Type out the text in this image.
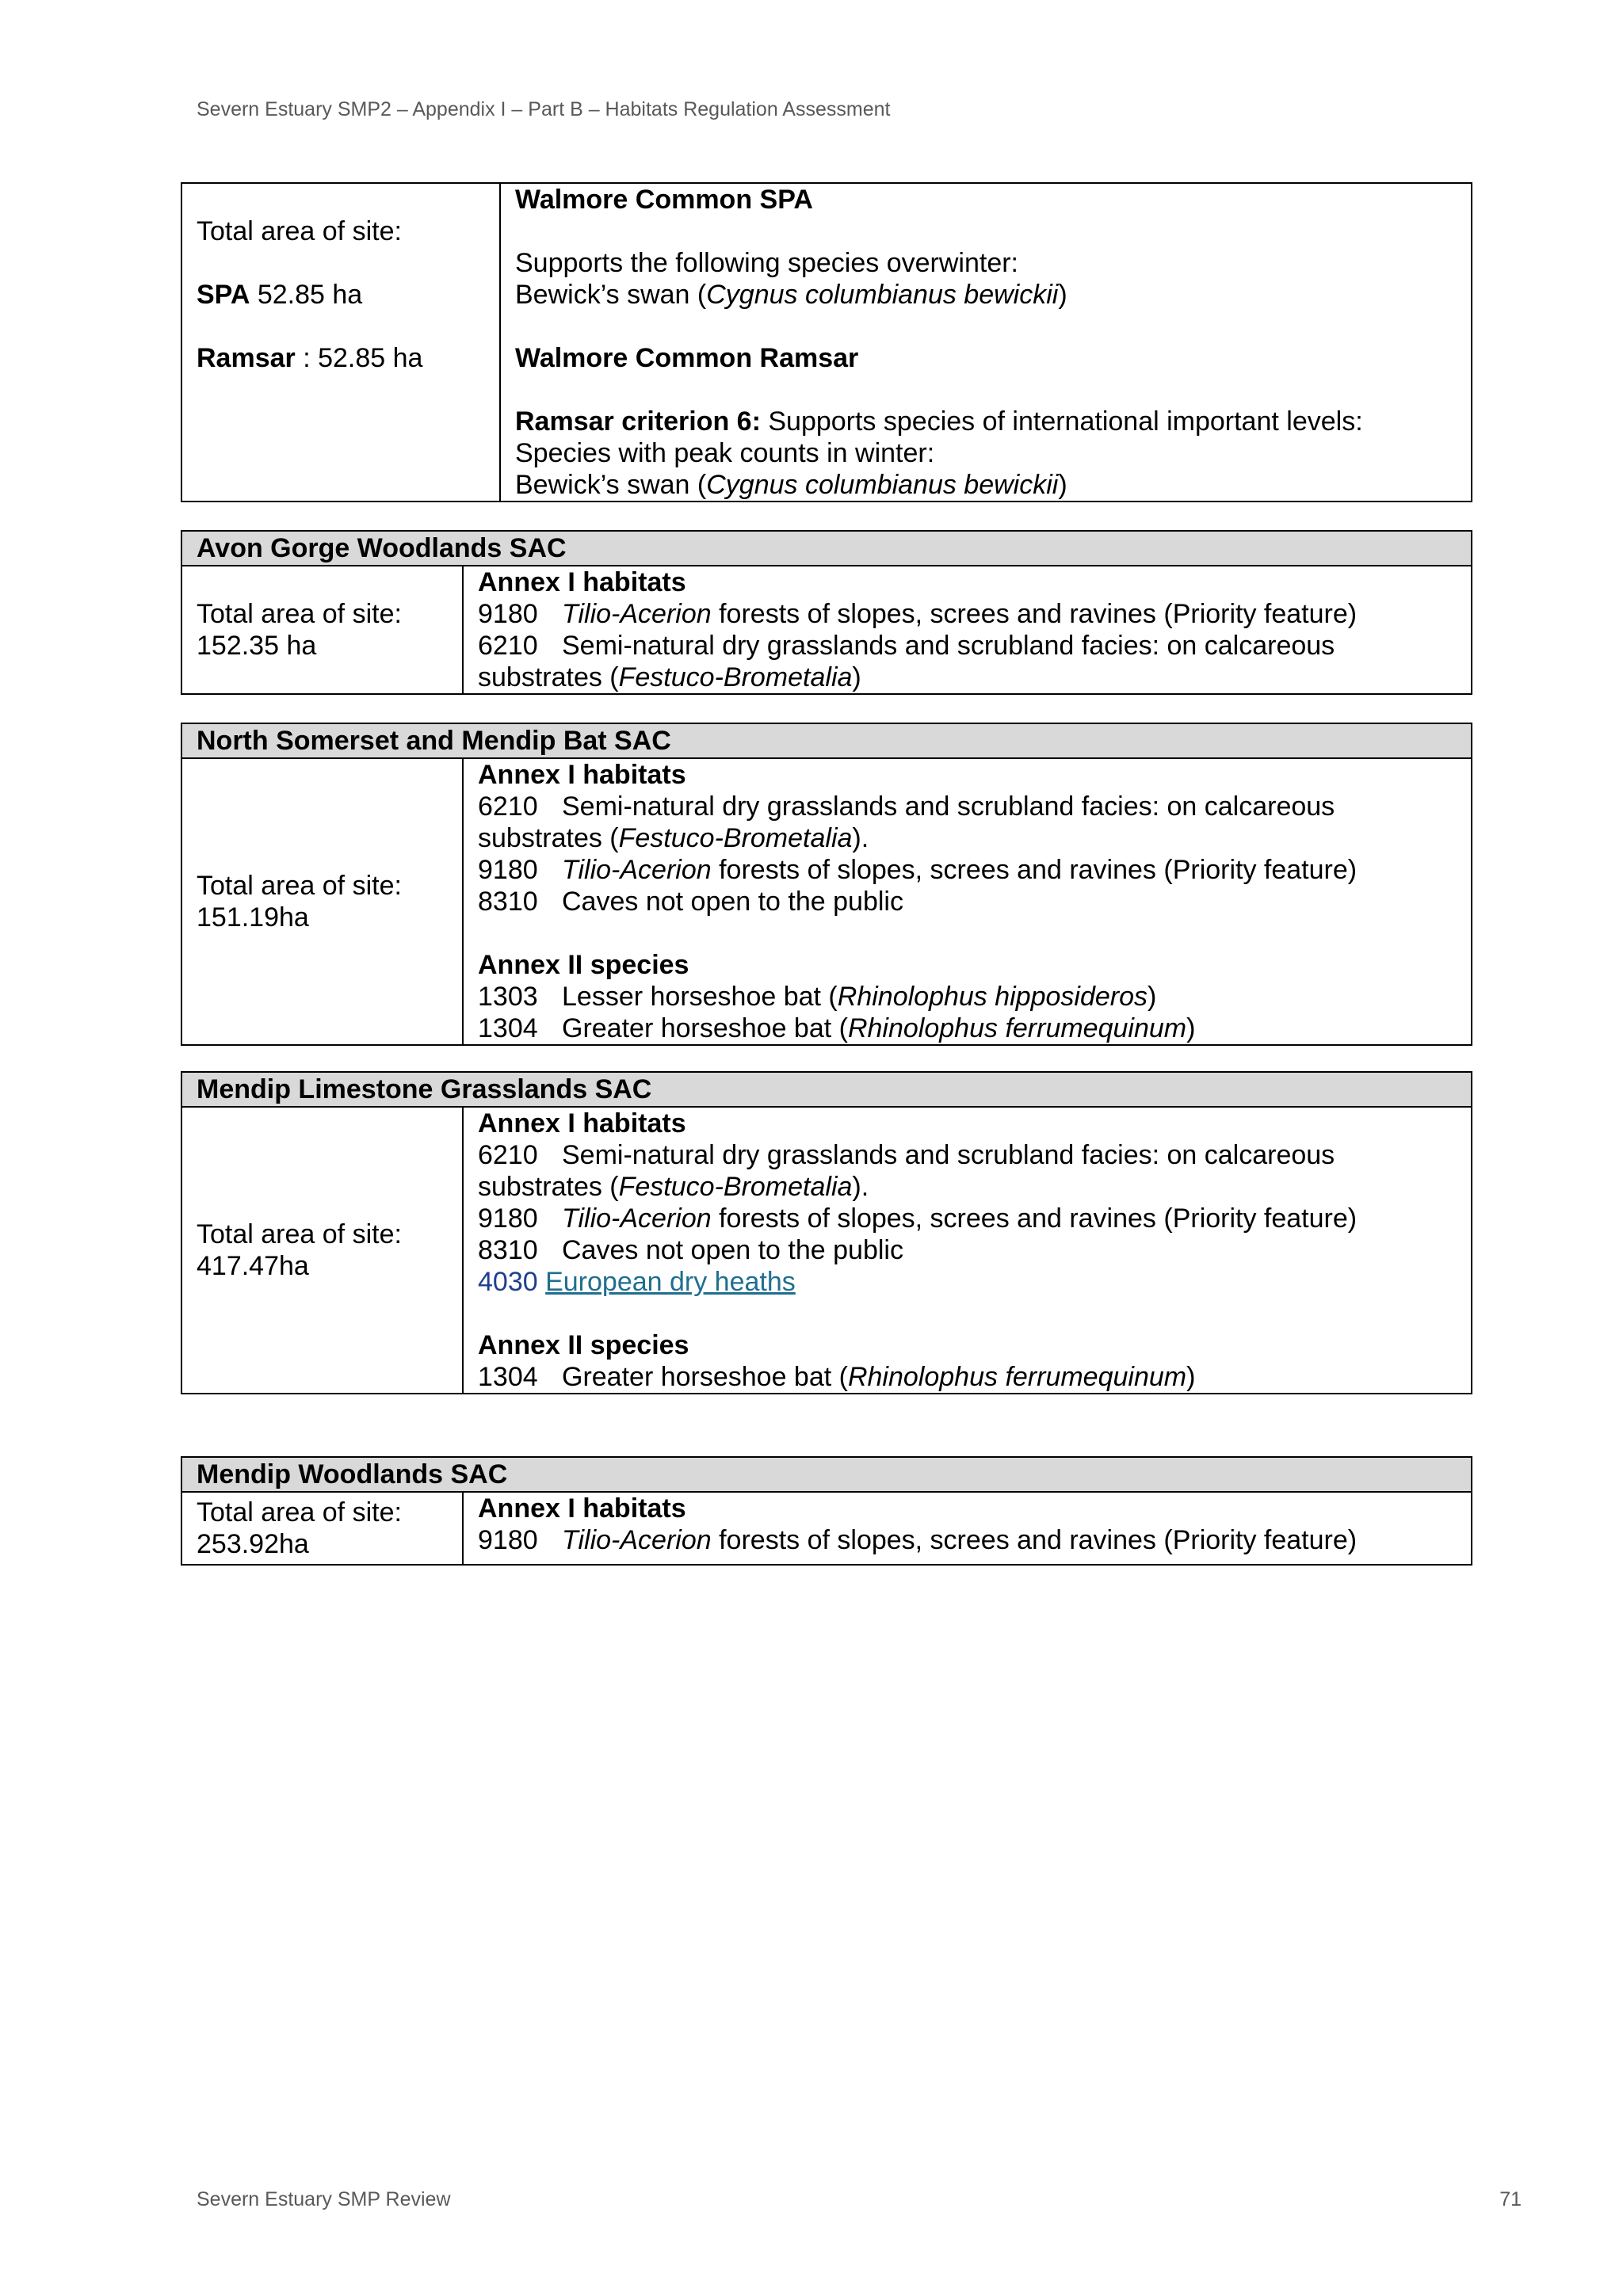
Severn Estuary SMP2 – Appendix I – Part B – Habitats Regulation Assessment
Total area of site:
SPA 52.85 ha
Ramsar : 52.85 ha
Walmore Common SPA
Supports the following species overwinter:
Bewick’s swan (Cygnus columbianus bewickii)
Walmore Common Ramsar
Ramsar criterion 6: Supports species of international important levels:
Species with peak counts in winter:
Bewick’s swan (Cygnus columbianus bewickii)
Avon Gorge Woodlands SAC
Total area of site:
152.35 ha
Annex I habitats
9180 Tilio-Acerion forests of slopes, screes and ravines (Priority feature)
6210 Semi-natural dry grasslands and scrubland facies: on calcareous
substrates (Festuco-Brometalia)
North Somerset and Mendip Bat SAC
Total area of site:
151.19ha
Annex I habitats
6210 Semi-natural dry grasslands and scrubland facies: on calcareous
substrates (Festuco-Brometalia).
9180 Tilio-Acerion forests of slopes, screes and ravines (Priority feature)
8310 Caves not open to the public
Annex II species
1303 Lesser horseshoe bat (Rhinolophus hipposideros)
1304 Greater horseshoe bat (Rhinolophus ferrumequinum)
Mendip Limestone Grasslands SAC
Total area of site:
417.47ha
Annex I habitats
6210 Semi-natural dry grasslands and scrubland facies: on calcareous
substrates (Festuco-Brometalia).
9180 Tilio-Acerion forests of slopes, screes and ravines (Priority feature)
8310 Caves not open to the public
4030 European dry heaths
Annex II species
1304 Greater horseshoe bat (Rhinolophus ferrumequinum)
Mendip Woodlands SAC
Total area of site:
253.92ha
Annex I habitats
9180 Tilio-Acerion forests of slopes, screes and ravines (Priority feature)
Severn Estuary SMP Review	71
